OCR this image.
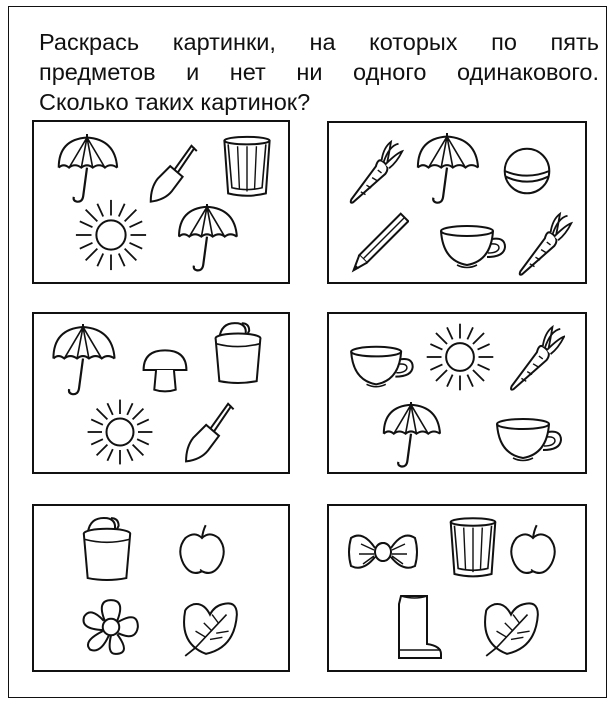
Раскрась картинки, на которых по пять
предметов и нет ни одного одинакового.
Сколько таких картинок?
